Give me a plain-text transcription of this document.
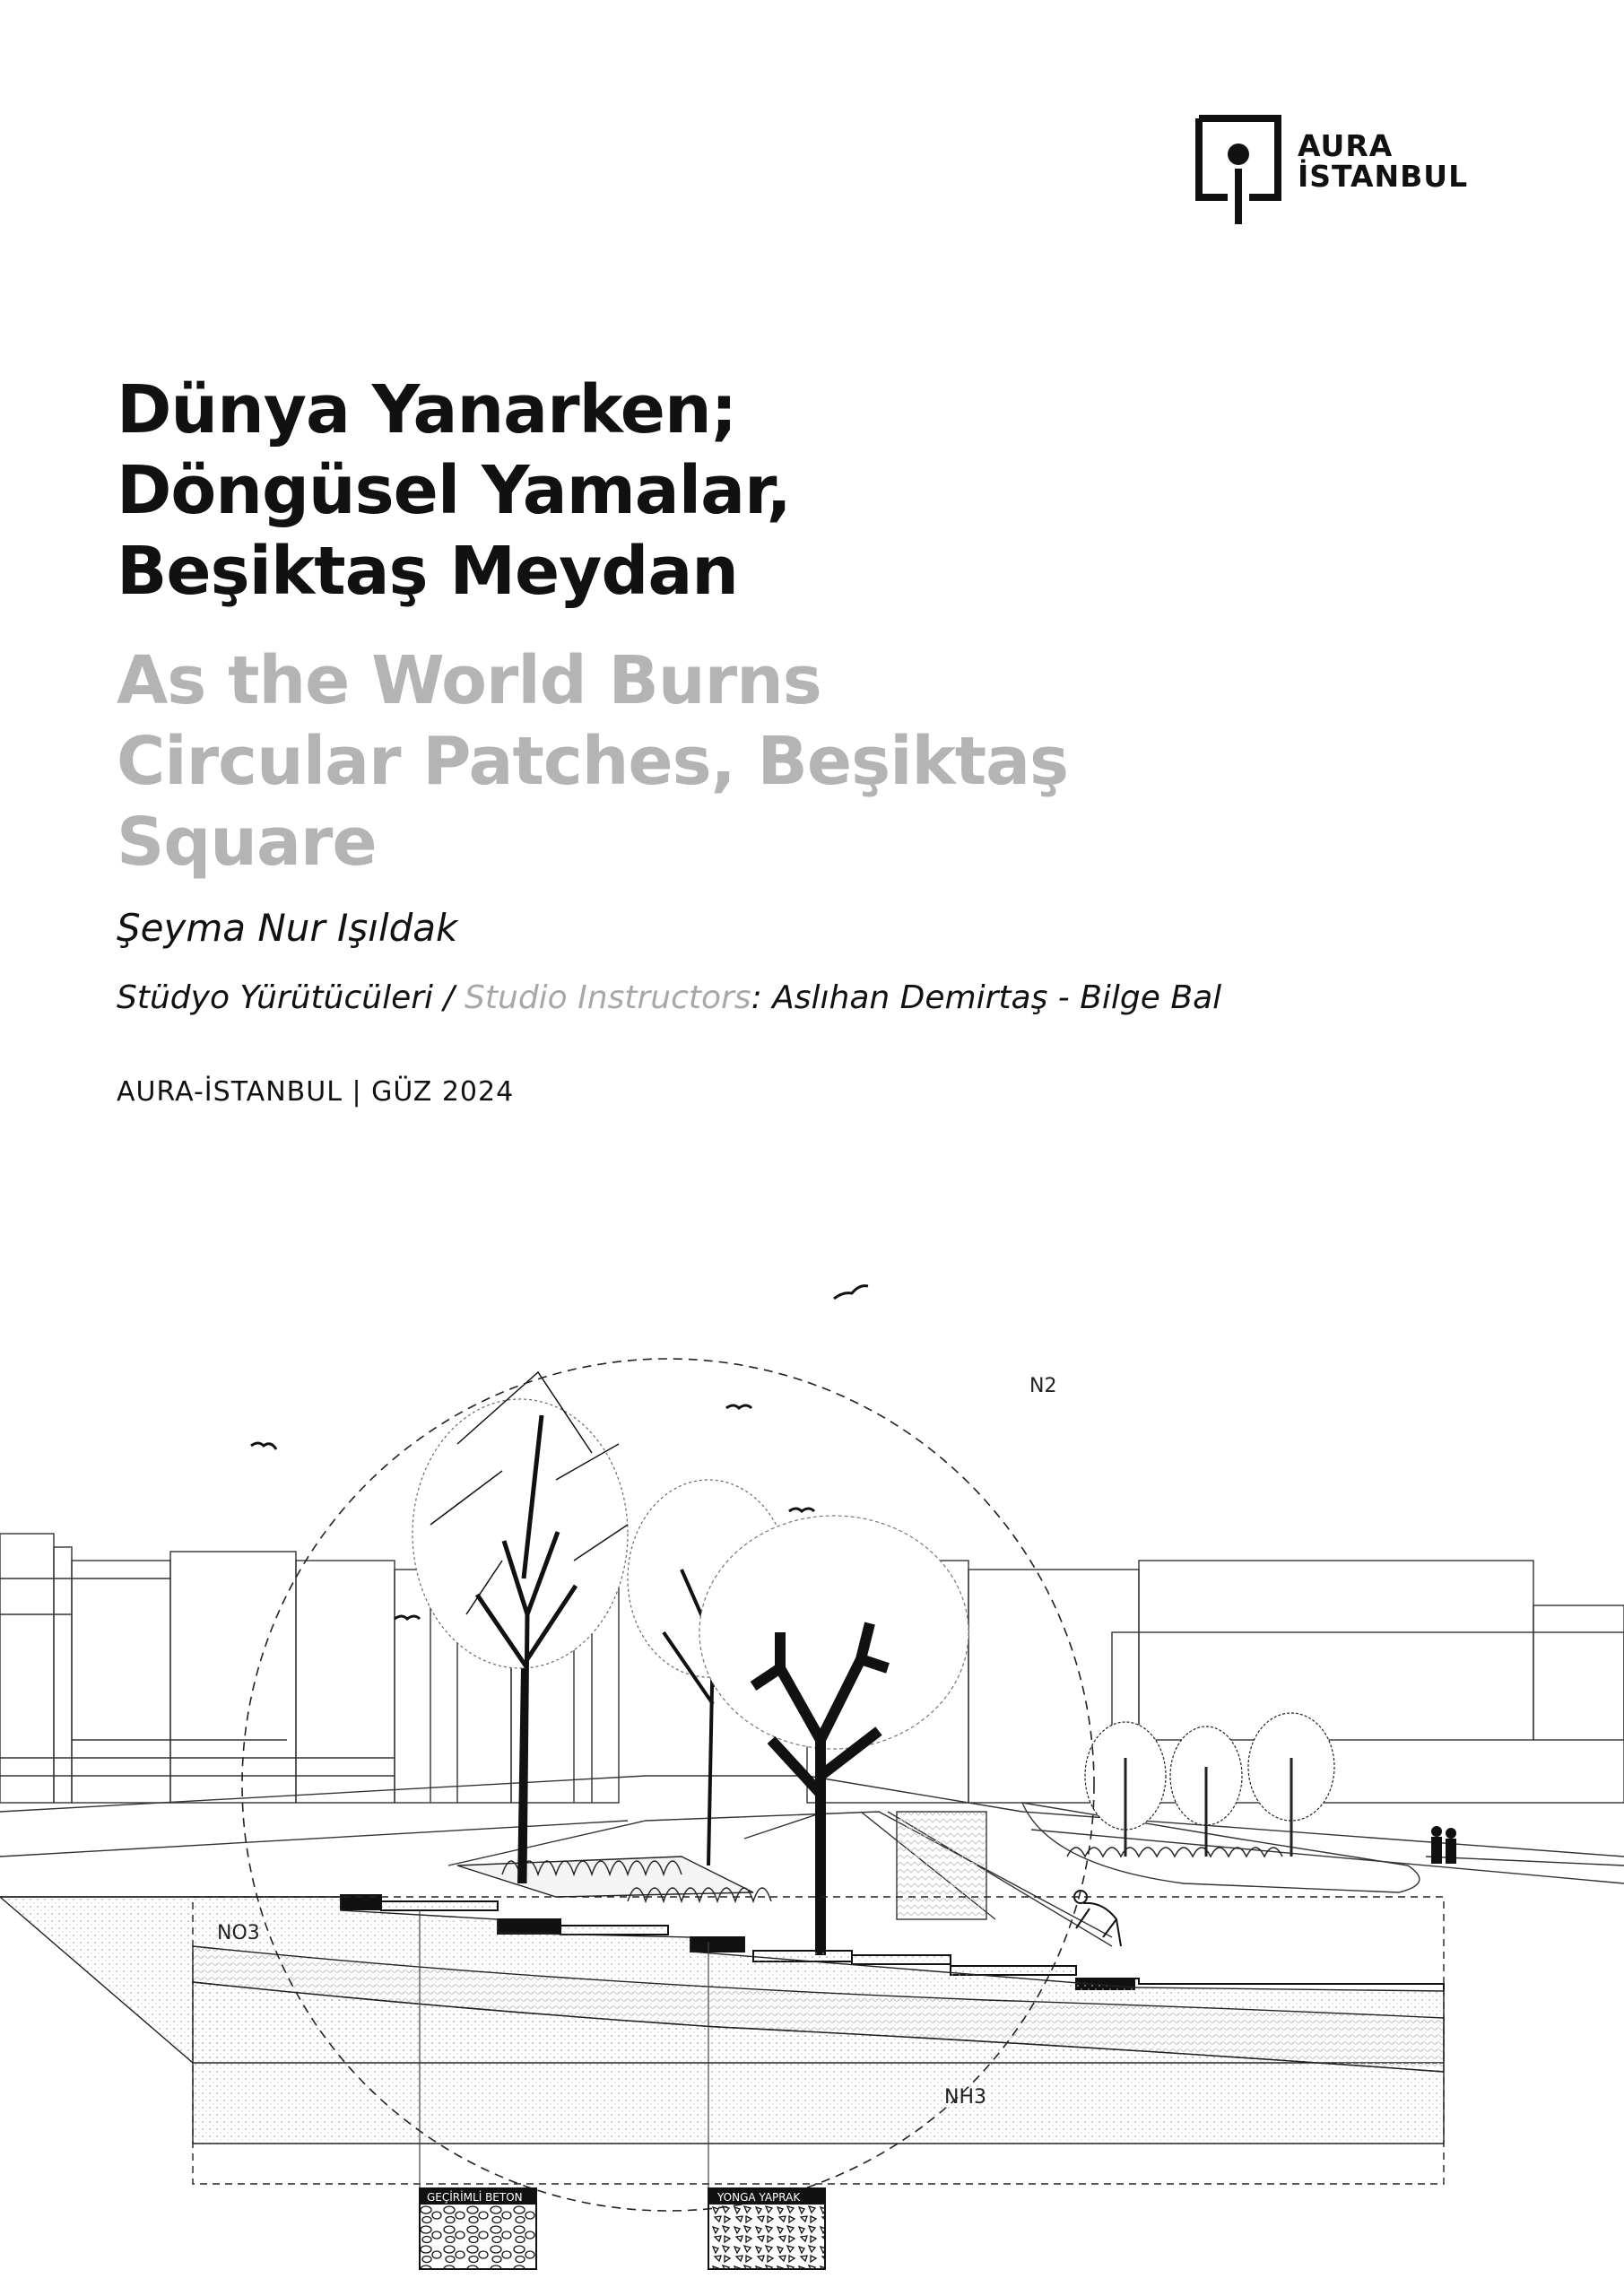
AURA
İSTANBUL
Dünya Yanarken;
Döngüsel Yamalar,
Beşiktaş Meydan
As the World Burns
Circular Patches, Beşiktaş
Square
Şeyma Nur Işıldak
Stüdyo Yürütücüleri / Studio Instructors: Aslıhan Demirtaş - Bilge Bal
AURA-İSTANBUL | GÜZ 2024
N2
NO3
NH3
GEÇİRİMLİ BETON	YONGA YAPRAK
